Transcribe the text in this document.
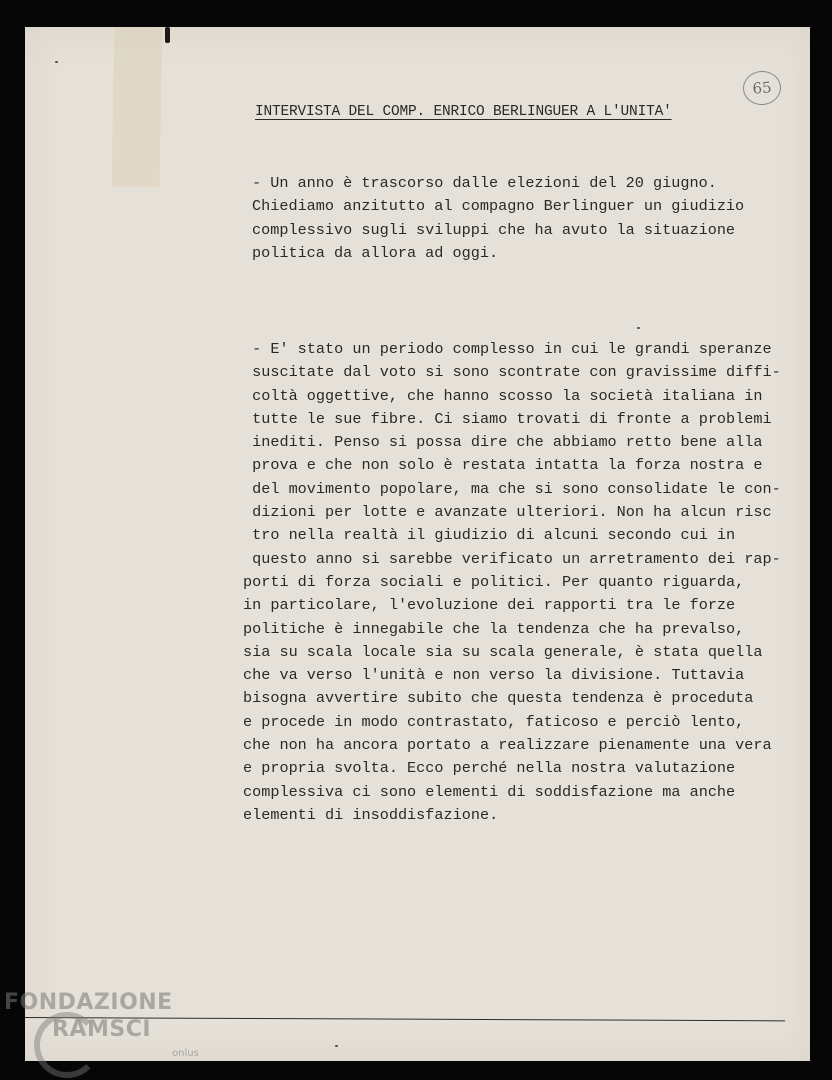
65
INTERVISTA DEL COMP. ENRICO BERLINGUER A L'UNITA'
- Un anno è trascorso dalle elezioni del 20 giugno.
Chiediamo anzitutto al compagno Berlinguer un giudizio
complessivo sugli sviluppi che ha avuto la situazione
politica da allora ad oggi.
- E' stato un periodo complesso in cui le grandi speranze
suscitate dal voto si sono scontrate con gravissime diffi-
coltà oggettive, che hanno scosso la società italiana in
tutte le sue fibre. Ci siamo trovati di fronte a problemi
inediti. Penso si possa dire che abbiamo retto bene alla
prova e che non solo è restata intatta la forza nostra e
del movimento popolare, ma che si sono consolidate le con-
dizioni per lotte e avanzate ulteriori. Non ha alcun risc
tro nella realtà il giudizio di alcuni secondo cui in
questo anno si sarebbe verificato un arretramento dei rap-
porti di forza sociali e politici. Per quanto riguarda,
in particolare, l'evoluzione dei rapporti tra le forze
politiche è innegabile che la tendenza che ha prevalso,
sia su scala locale sia su scala generale, è stata quella
che va verso l'unità e non verso la divisione. Tuttavia
bisogna avvertire subito che questa tendenza è proceduta
e procede in modo contrastato, faticoso e perciò lento,
che non ha ancora portato a realizzare pienamente una vera
e propria svolta. Ecco perché nella nostra valutazione
complessiva ci sono elementi di soddisfazione ma anche
elementi di insoddisfazione.
FONDAZIONE
RAMSCI
onlus
